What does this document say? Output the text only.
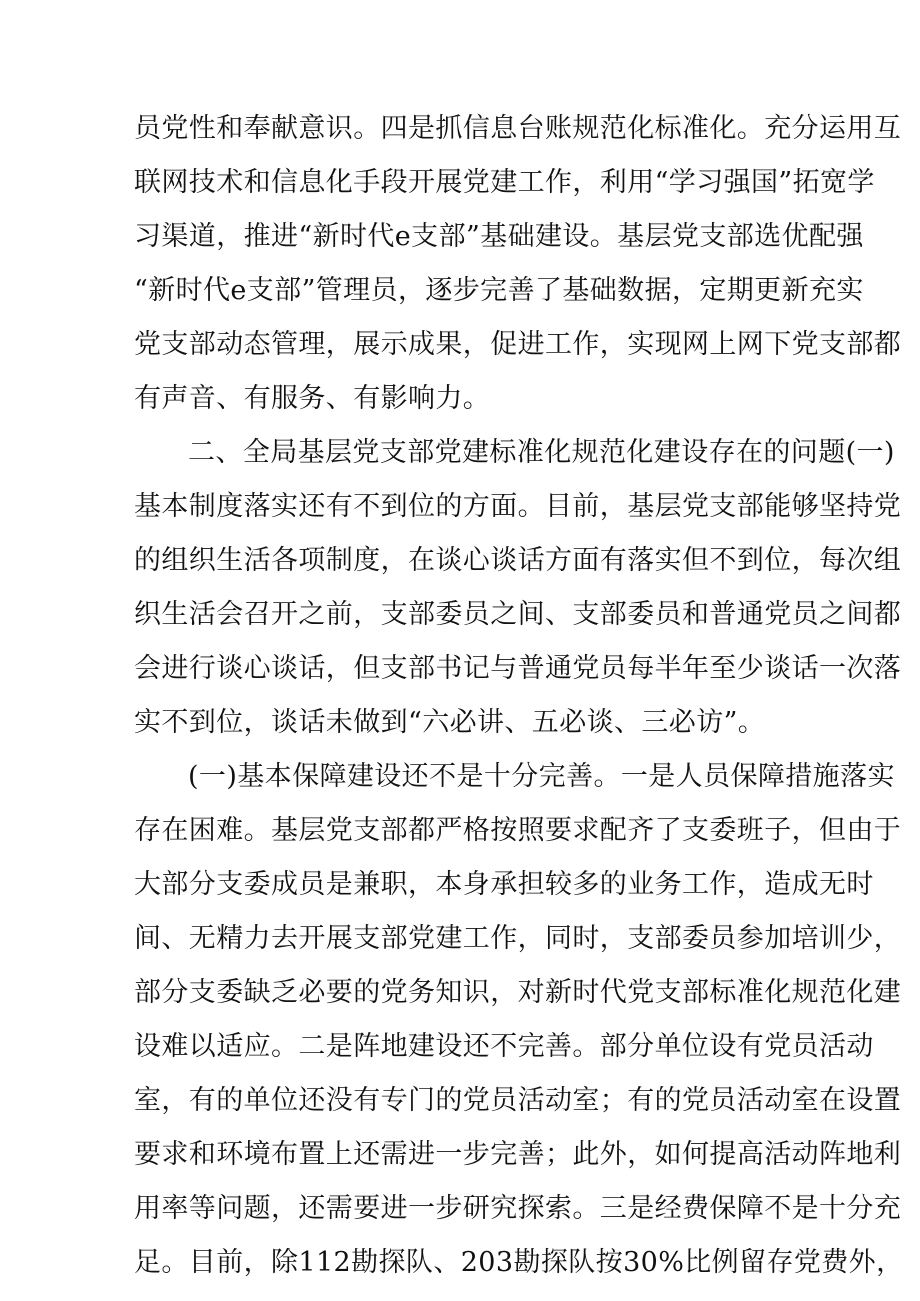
员党性和奉献意识。四是抓信息台账规范化标准化。充分运用互

联网技术和信息化手段开展党建工作，利用“学习强国”拓宽学

习渠道，推进“新时代e支部”基础建设。基层党支部选优配强

“新时代e支部”管理员，逐步完善了基础数据，定期更新充实

党支部动态管理，展示成果，促进工作，实现网上网下党支部都

有声音、有服务、有影响力。

二、全局基层党支部党建标准化规范化建设存在的问题(一)

基本制度落实还有不到位的方面。目前，基层党支部能够坚持党

的组织生活各项制度，在谈心谈话方面有落实但不到位，每次组

织生活会召开之前，支部委员之间、支部委员和普通党员之间都

会进行谈心谈话，但支部书记与普通党员每半年至少谈话一次落

实不到位，谈话未做到“六必讲、五必谈、三必访”。

(一)基本保障建设还不是十分完善。一是人员保障措施落实

存在困难。基层党支部都严格按照要求配齐了支委班子，但由于

大部分支委成员是兼职，本身承担较多的业务工作，造成无时

间、无精力去开展支部党建工作，同时，支部委员参加培训少，

部分支委缺乏必要的党务知识，对新时代党支部标准化规范化建

设难以适应。二是阵地建设还不完善。部分单位设有党员活动

室，有的单位还没有专门的党员活动室；有的党员活动室在设置

要求和环境布置上还需进一步完善；此外，如何提高活动阵地利

用率等问题，还需要进一步研究探索。三是经费保障不是十分充

足。目前，除112勘探队、203勘探队按30%比例留存党费外，
